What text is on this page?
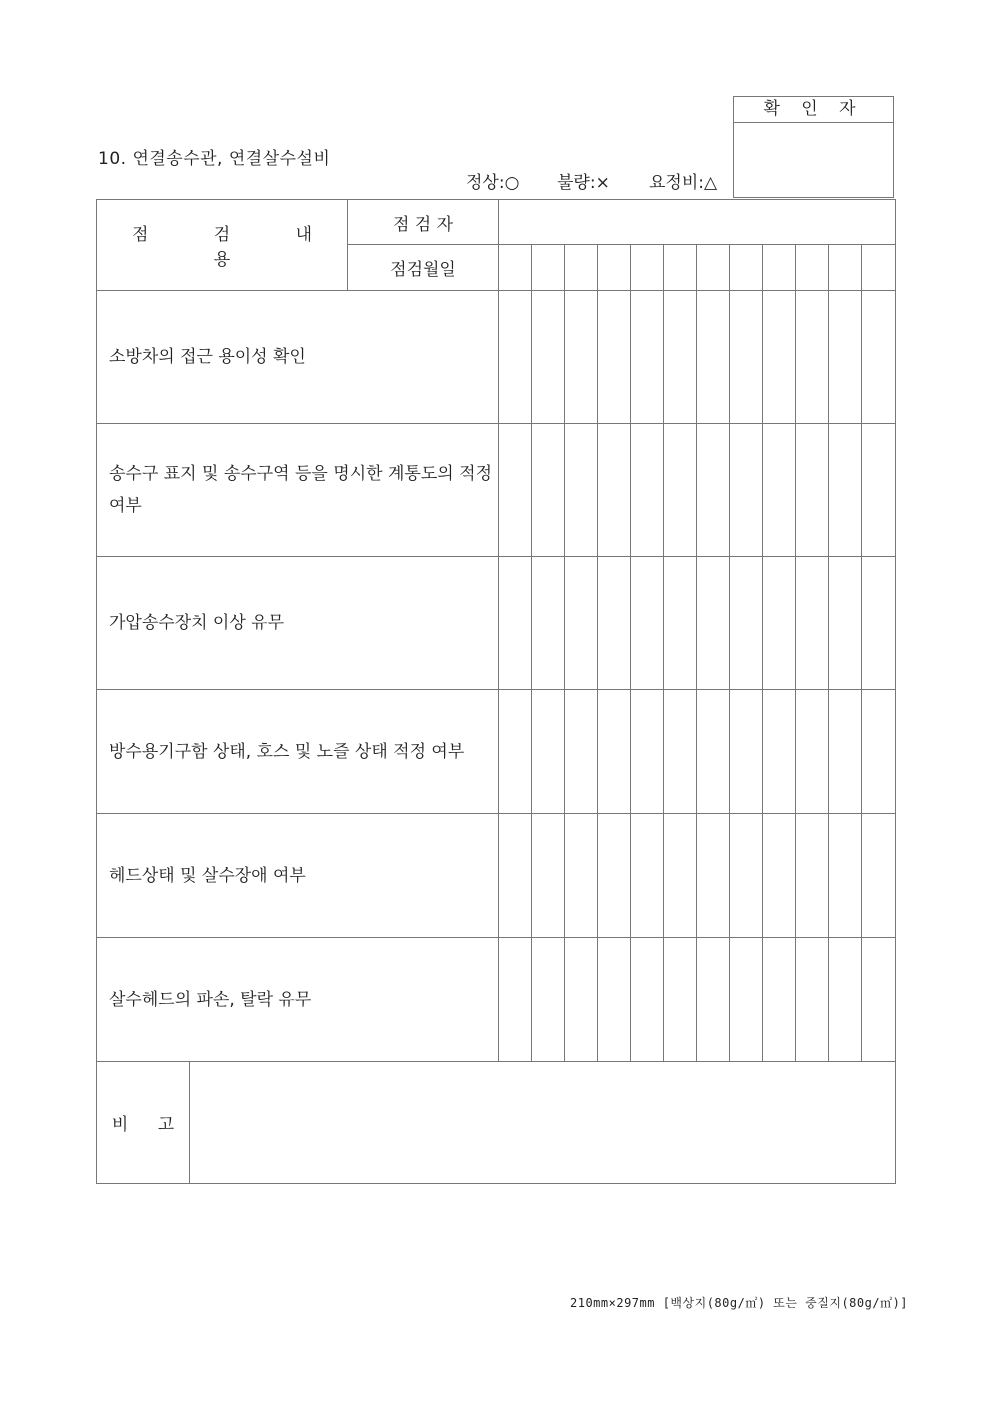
10. 연결송수관, 연결살수설비
정상:○ 불량:× 요정비:△
확 인 자
점 검 내 용		점 검 자												
		점검월일												
소방차의 접근 용이성 확인														
송수구 표지 및 송수구역 등을 명시한 계통도의 적정여부														
가압송수장치 이상 유무														
방수용기구함 상태, 호스 및 노즐 상태 적정 여부														
헤드상태 및 살수장애 여부														
살수헤드의 파손, 탈락 유무														
비 고														
210mm×297mm [백상지(80g/㎡) 또는 중질지(80g/㎡)]
